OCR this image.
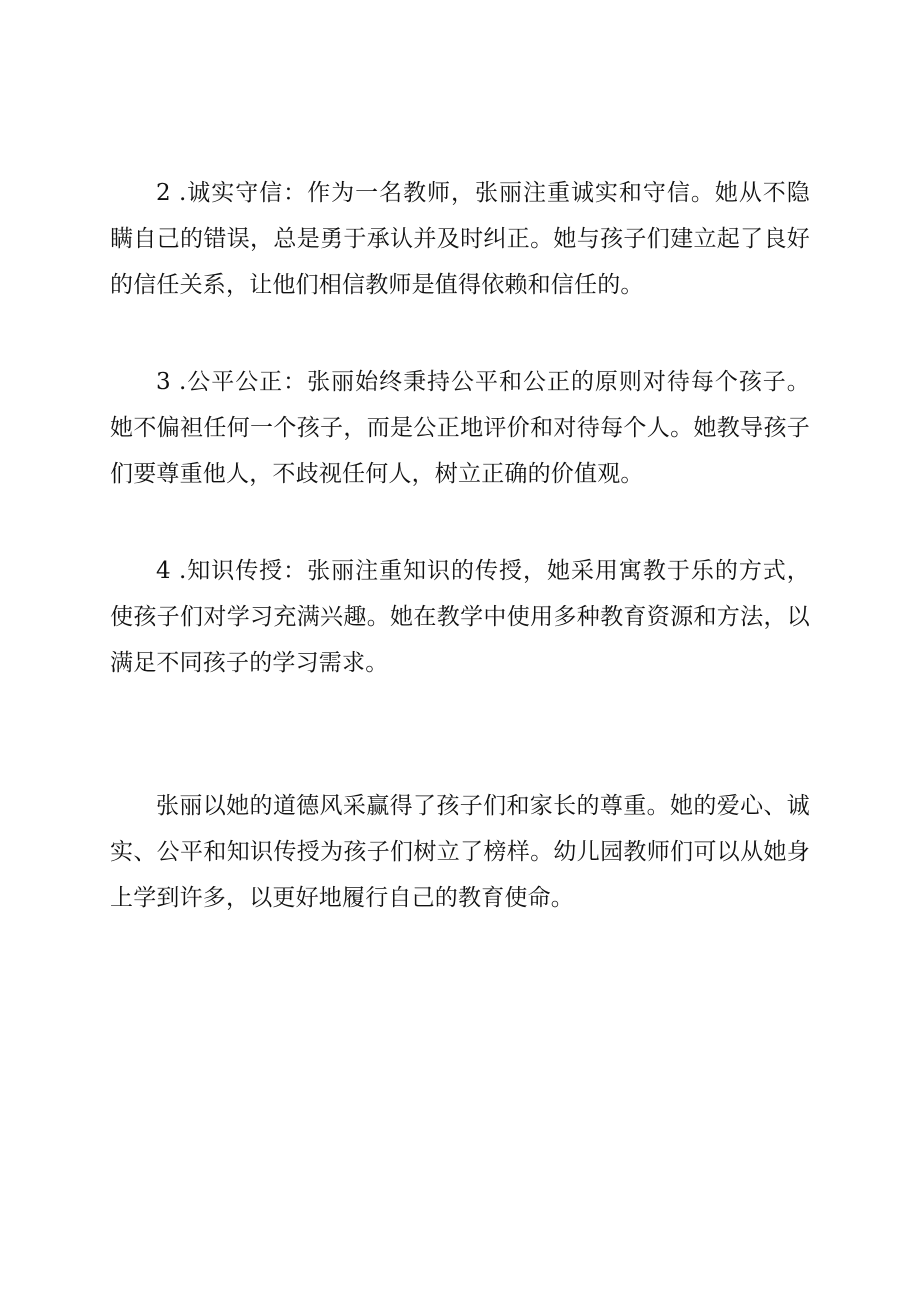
2 .诚实守信：作为一名教师，张丽注重诚实和守信。她从不隐瞒自己的错误，总是勇于承认并及时纠正。她与孩子们建立起了良好的信任关系，让他们相信教师是值得依赖和信任的。

3 .公平公正：张丽始终秉持公平和公正的原则对待每个孩子。她不偏袒任何一个孩子，而是公正地评价和对待每个人。她教导孩子们要尊重他人，不歧视任何人，树立正确的价值观。

4 .知识传授：张丽注重知识的传授，她采用寓教于乐的方式，使孩子们对学习充满兴趣。她在教学中使用多种教育资源和方法，以满足不同孩子的学习需求。

张丽以她的道德风采赢得了孩子们和家长的尊重。她的爱心、诚实、公平和知识传授为孩子们树立了榜样。幼儿园教师们可以从她身上学到许多，以更好地履行自己的教育使命。
